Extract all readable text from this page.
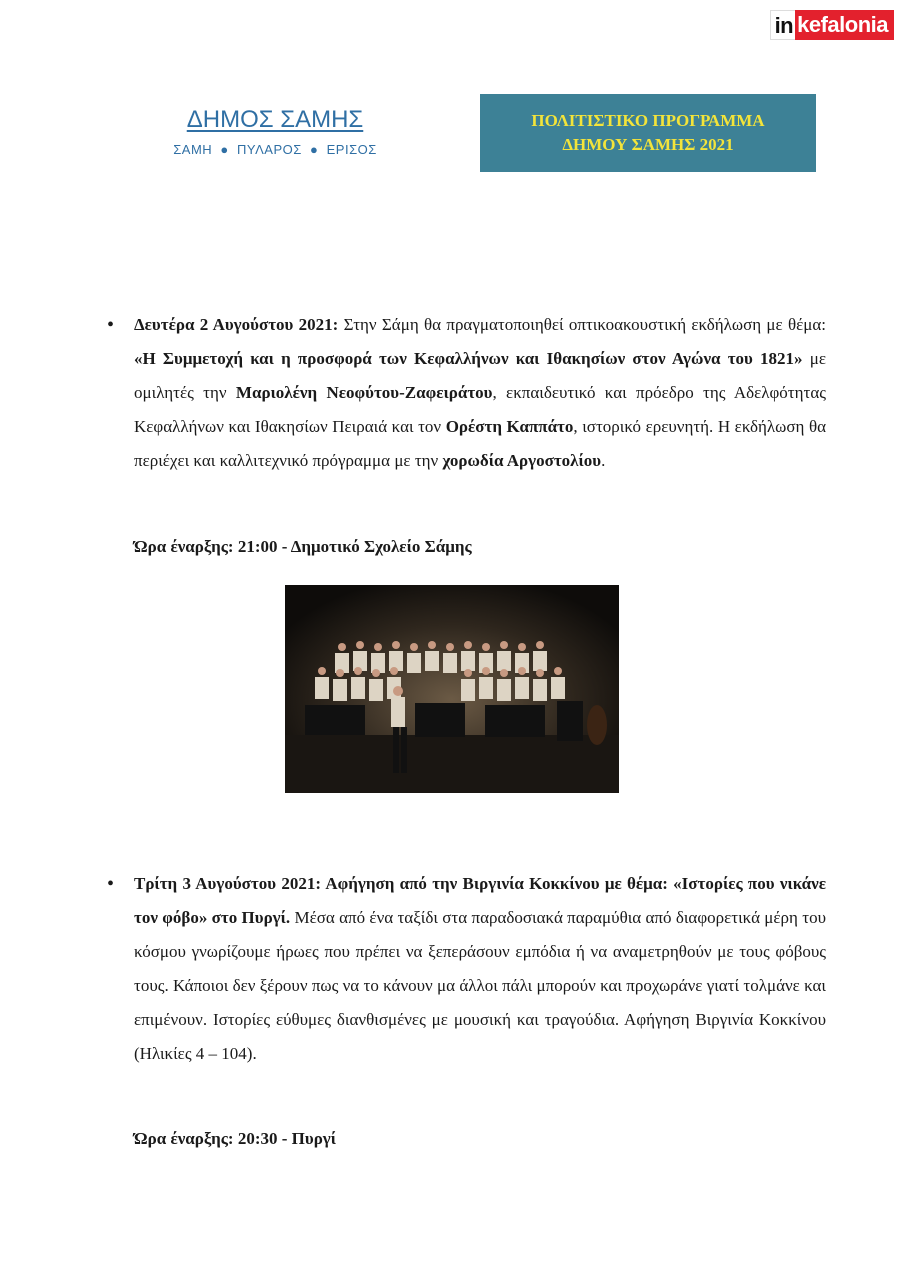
in kefalonia
ΔΗΜΟΣ ΣΑΜΗΣ
ΣΑΜΗ  ●  ΠΥΛΑΡΟΣ  ●  ΕΡΙΣΟΣ
ΠΟΛΙΤΙΣΤΙΚΟ ΠΡΟΓΡΑΜΜΑ
ΔΗΜΟΥ ΣΑΜΗΣ 2021
• Δευτέρα 2 Αυγούστου 2021: Στην Σάμη θα πραγματοποιηθεί οπτικοακουστική εκδήλωση με θέμα: «Η Συμμετοχή και η προσφορά των Κεφαλλήνων και Ιθακησίων στον Αγώνα του 1821» με ομιλητές την Μαριολένη Νεοφύτου-Ζαφειράτου, εκπαιδευτικό και πρόεδρο της Αδελφότητας Κεφαλλήνων και Ιθακησίων Πειραιά και τον Ορέστη Καππάτο, ιστορικό ερευνητή. Η εκδήλωση θα περιέχει και καλλιτεχνικό πρόγραμμα με την χορωδία Αργοστολίου.
Ώρα έναρξης: 21:00 - Δημοτικό Σχολείο Σάμης
• Τρίτη 3 Αυγούστου 2021: Αφήγηση από την Βιργινία Κοκκίνου με θέμα: «Ιστορίες που νικάνε τον φόβο» στο Πυργί. Μέσα από ένα ταξίδι στα παραδοσιακά παραμύθια από διαφορετικά μέρη του κόσμου γνωρίζουμε ήρωες που πρέπει να ξεπεράσουν εμπόδια ή να αναμετρηθούν με τους φόβους τους. Κάποιοι δεν ξέρουν πως να το κάνουν μα άλλοι πάλι μπορούν και προχωράνε γιατί τολμάνε και επιμένουν. Ιστορίες εύθυμες διανθισμένες με μουσική και τραγούδια. Αφήγηση Βιργινία Κοκκίνου (Ηλικίες 4 – 104).
Ώρα έναρξης: 20:30 - Πυργί
